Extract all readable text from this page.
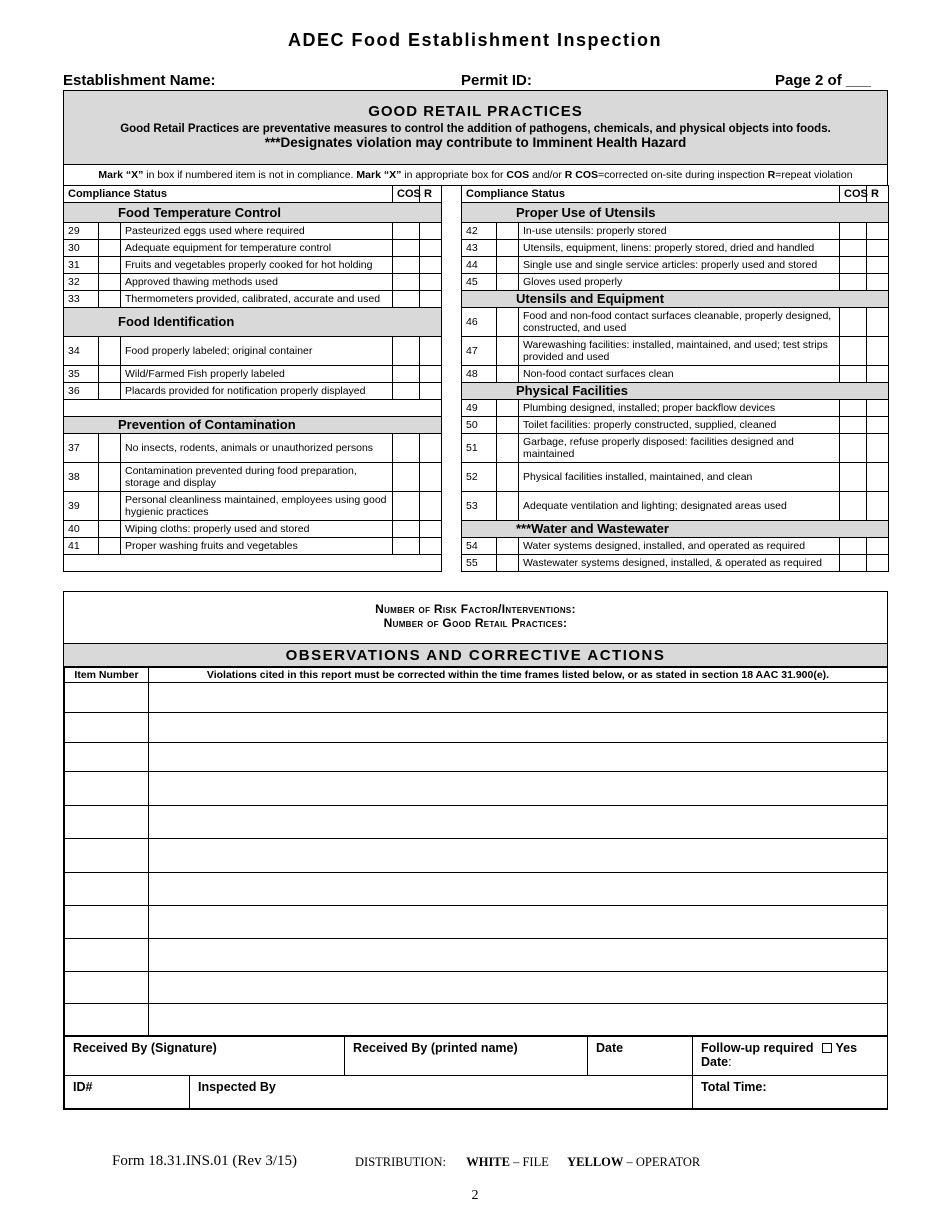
ADEC Food Establishment Inspection
Establishment Name:	Permit ID:	Page 2 of ___
GOOD RETAIL PRACTICES
Good Retail Practices are preventative measures to control the addition of pathogens, chemicals, and physical objects into foods.
***Designates violation may contribute to Imminent Health Hazard
Mark “X” in box if numbered item is not in compliance. Mark “X” in appropriate box for COS and/or R COS=corrected on-site during inspection R=repeat violation
Compliance Status			COS	R
Food Temperature Control				
29		Pasteurized eggs used where required		
30		Adequate equipment for temperature control		
31		Fruits and vegetables properly cooked for hot holding		
32		Approved thawing methods used		
33		Thermometers provided, calibrated, accurate and used		
Food Identification				
34		Food properly labeled; original container		
35		Wild/Farmed Fish properly labeled		
36		Placards provided for notification properly displayed		

Prevention of Contamination				
37		No insects, rodents, animals or unauthorized persons		
38		Contamination prevented during food preparation, storage and display		
39		Personal cleanliness maintained, employees using good hygienic practices		
40		Wiping cloths: properly used and stored		
41		Proper washing fruits and vegetables		

Compliance Status			COS	R
Proper Use of Utensils				
42		In-use utensils: properly stored		
43		Utensils, equipment, linens: properly stored, dried and handled		
44		Single use and single service articles: properly used and stored		
45		Gloves used properly		
Utensils and Equipment				
46		Food and non-food contact surfaces cleanable, properly designed, constructed, and used		
47		Warewashing facilities: installed, maintained, and used; test strips provided and used		
48		Non-food contact surfaces clean		
Physical Facilities				
49		Plumbing designed, installed; proper backflow devices		
50		Toilet facilities: properly constructed, supplied, cleaned		
51		Garbage, refuse properly disposed: facilities designed and maintained		
52		Physical facilities installed, maintained, and clean		
53		Adequate ventilation and lighting; designated areas used		
***Water and Wastewater				
54		Water systems designed, installed, and operated as required		
55		Wastewater systems designed, installed, & operated as required		
Number of Risk Factor/Interventions:
Number of Good Retail Practices:
OBSERVATIONS AND CORRECTIVE ACTIONS
Item Number	Violations cited in this report must be corrected within the time frames listed below, or as stated in section 18 AAC 31.900(e).

Received By (Signature)		Received By (printed name)	Date	Follow-up required Yes
Date:
ID#	Inspected By			Total Time:
Form 18.31.INS.01 (Rev 3/15)	DISTRIBUTION: WHITE – FILE YELLOW – OPERATOR
2
